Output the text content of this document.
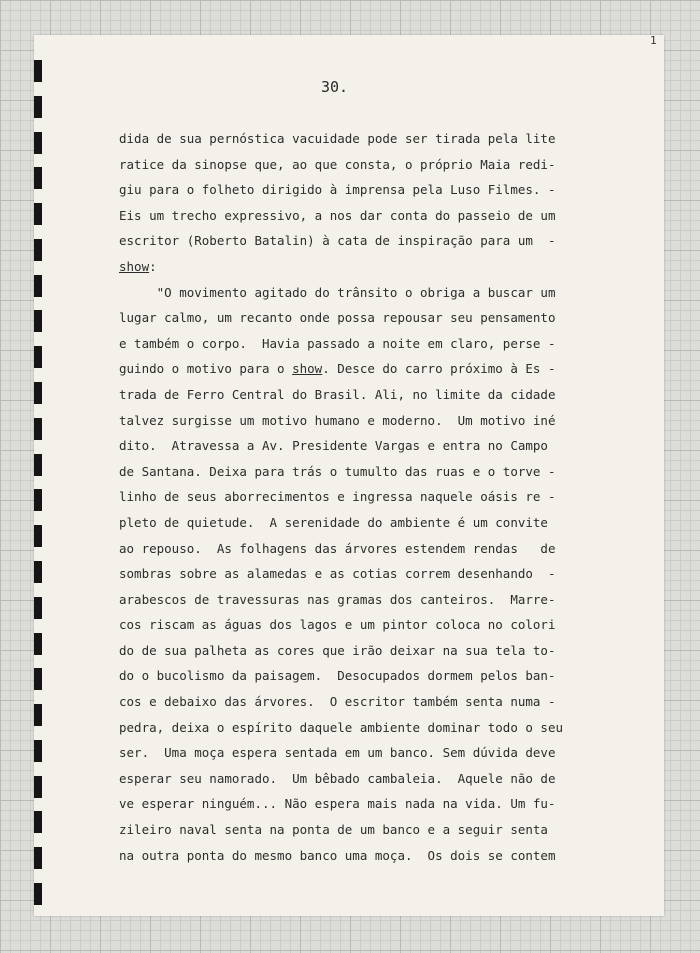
1
30.
dida de sua pernóstica vacuidade pode ser tirada pela lite
ratice da sinopse que, ao que consta, o próprio Maia redi-
giu para o folheto dirigido à imprensa pela Luso Filmes. -
Eis um trecho expressivo, a nos dar conta do passeio de um
escritor (Roberto Batalin) à cata de inspiração para um  -
show:
"O movimento agitado do trânsito o obriga a buscar um
lugar calmo, um recanto onde possa repousar seu pensamento
e também o corpo.  Havia passado a noite em claro, perse -
guindo o motivo para o show. Desce do carro próximo à Es -
trada de Ferro Central do Brasil. Ali, no limite da cidade
talvez surgisse um motivo humano e moderno.  Um motivo iné
dito.  Atravessa a Av. Presidente Vargas e entra no Campo
de Santana. Deixa para trás o tumulto das ruas e o torve -
linho de seus aborrecimentos e ingressa naquele oásis re -
pleto de quietude.  A serenidade do ambiente é um convite
ao repouso.  As folhagens das árvores estendem rendas   de
sombras sobre as alamedas e as cotias correm desenhando  -
arabescos de travessuras nas gramas dos canteiros.  Marre-
cos riscam as águas dos lagos e um pintor coloca no colori
do de sua palheta as cores que irão deixar na sua tela to-
do o bucolismo da paisagem.  Desocupados dormem pelos ban-
cos e debaixo das árvores.  O escritor também senta numa -
pedra, deixa o espírito daquele ambiente dominar todo o seu
ser.  Uma moça espera sentada em um banco. Sem dúvida deve
esperar seu namorado.  Um bêbado cambaleia.  Aquele não de
ve esperar ninguém... Não espera mais nada na vida. Um fu-
zileiro naval senta na ponta de um banco e a seguir senta
na outra ponta do mesmo banco uma moça.  Os dois se contem
